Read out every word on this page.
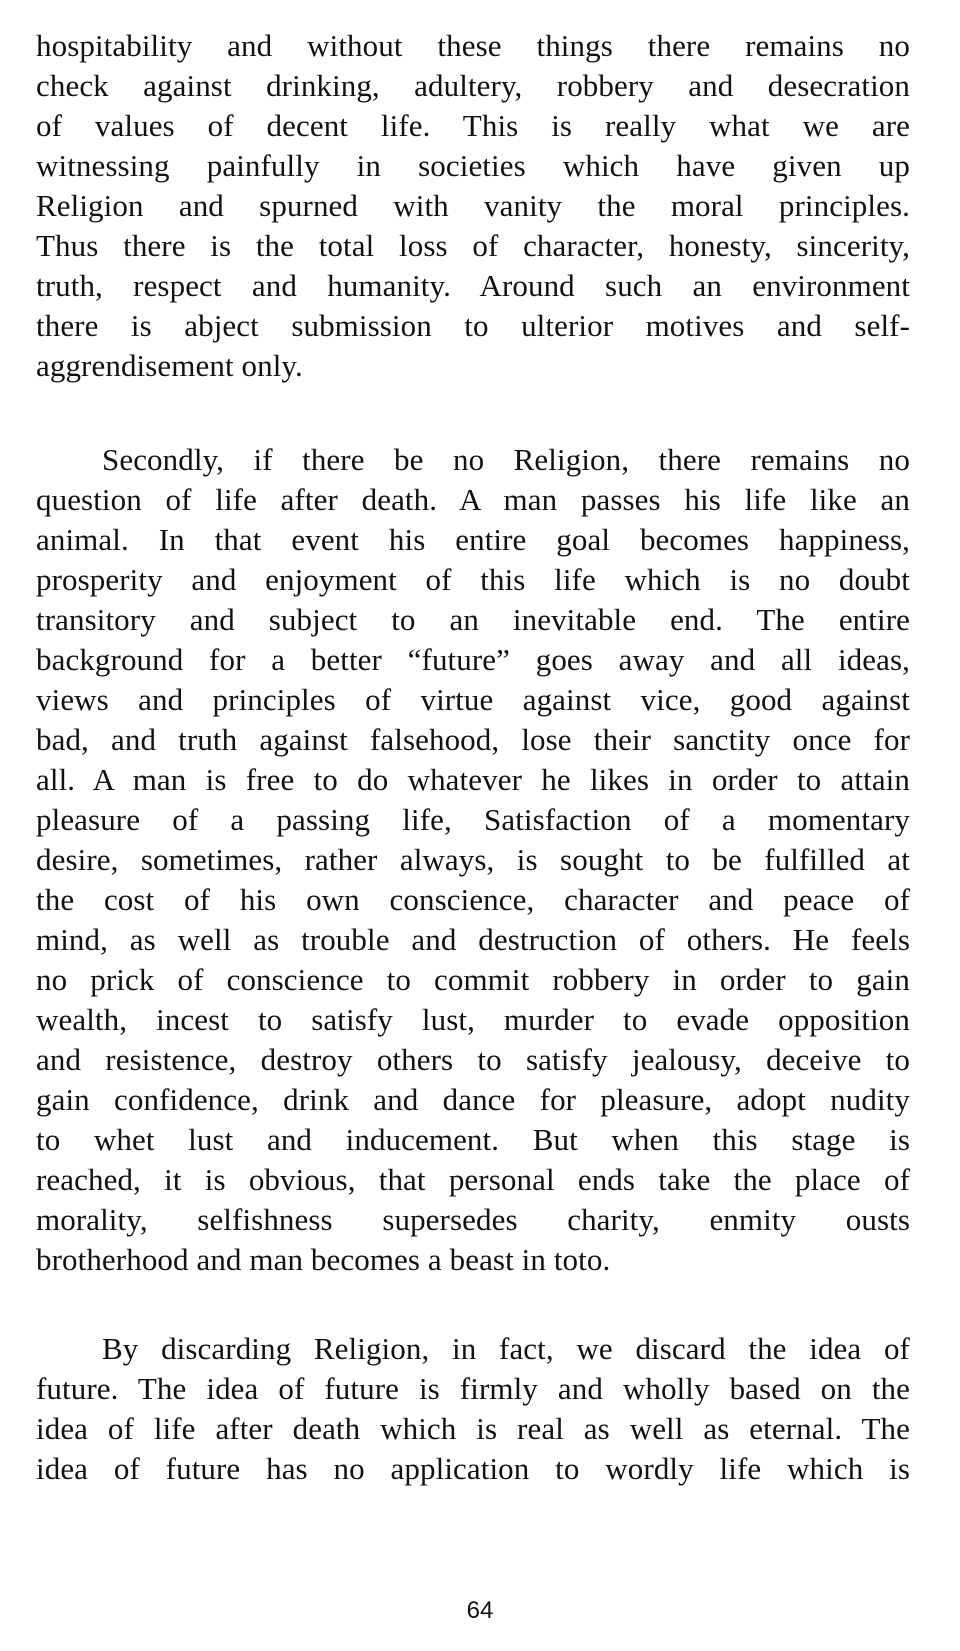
hospitability and without these things there remains no
check against drinking, adultery, robbery and desecration
of values of decent life. This is really what we are
witnessing painfully in societies which have given up
Religion and spurned with vanity the moral principles.
Thus there is the total loss of character, honesty, sincerity,
truth, respect and humanity. Around such an environment
there is abject submission to ulterior motives and self-
aggrendisement only.
Secondly, if there be no Religion, there remains no
question of life after death. A man passes his life like an
animal. In that event his entire goal becomes happiness,
prosperity and enjoyment of this life which is no doubt
transitory and subject to an inevitable end. The entire
background for a better “future” goes away and all ideas,
views and principles of virtue against vice, good against
bad, and truth against falsehood, lose their sanctity once for
all. A man is free to do whatever he likes in order to attain
pleasure of a passing life, Satisfaction of a momentary
desire, sometimes, rather always, is sought to be fulfilled at
the cost of his own conscience, character and peace of
mind, as well as trouble and destruction of others. He feels
no prick of conscience to commit robbery in order to gain
wealth, incest to satisfy lust, murder to evade opposition
and resistence, destroy others to satisfy jealousy, deceive to
gain confidence, drink and dance for pleasure, adopt nudity
to whet lust and inducement. But when this stage is
reached, it is obvious, that personal ends take the place of
morality, selfishness supersedes charity, enmity ousts
brotherhood and man becomes a beast in toto.
By discarding Religion, in fact, we discard the idea of
future. The idea of future is firmly and wholly based on the
idea of life after death which is real as well as eternal. The
idea of future has no application to wordly life which is
64
